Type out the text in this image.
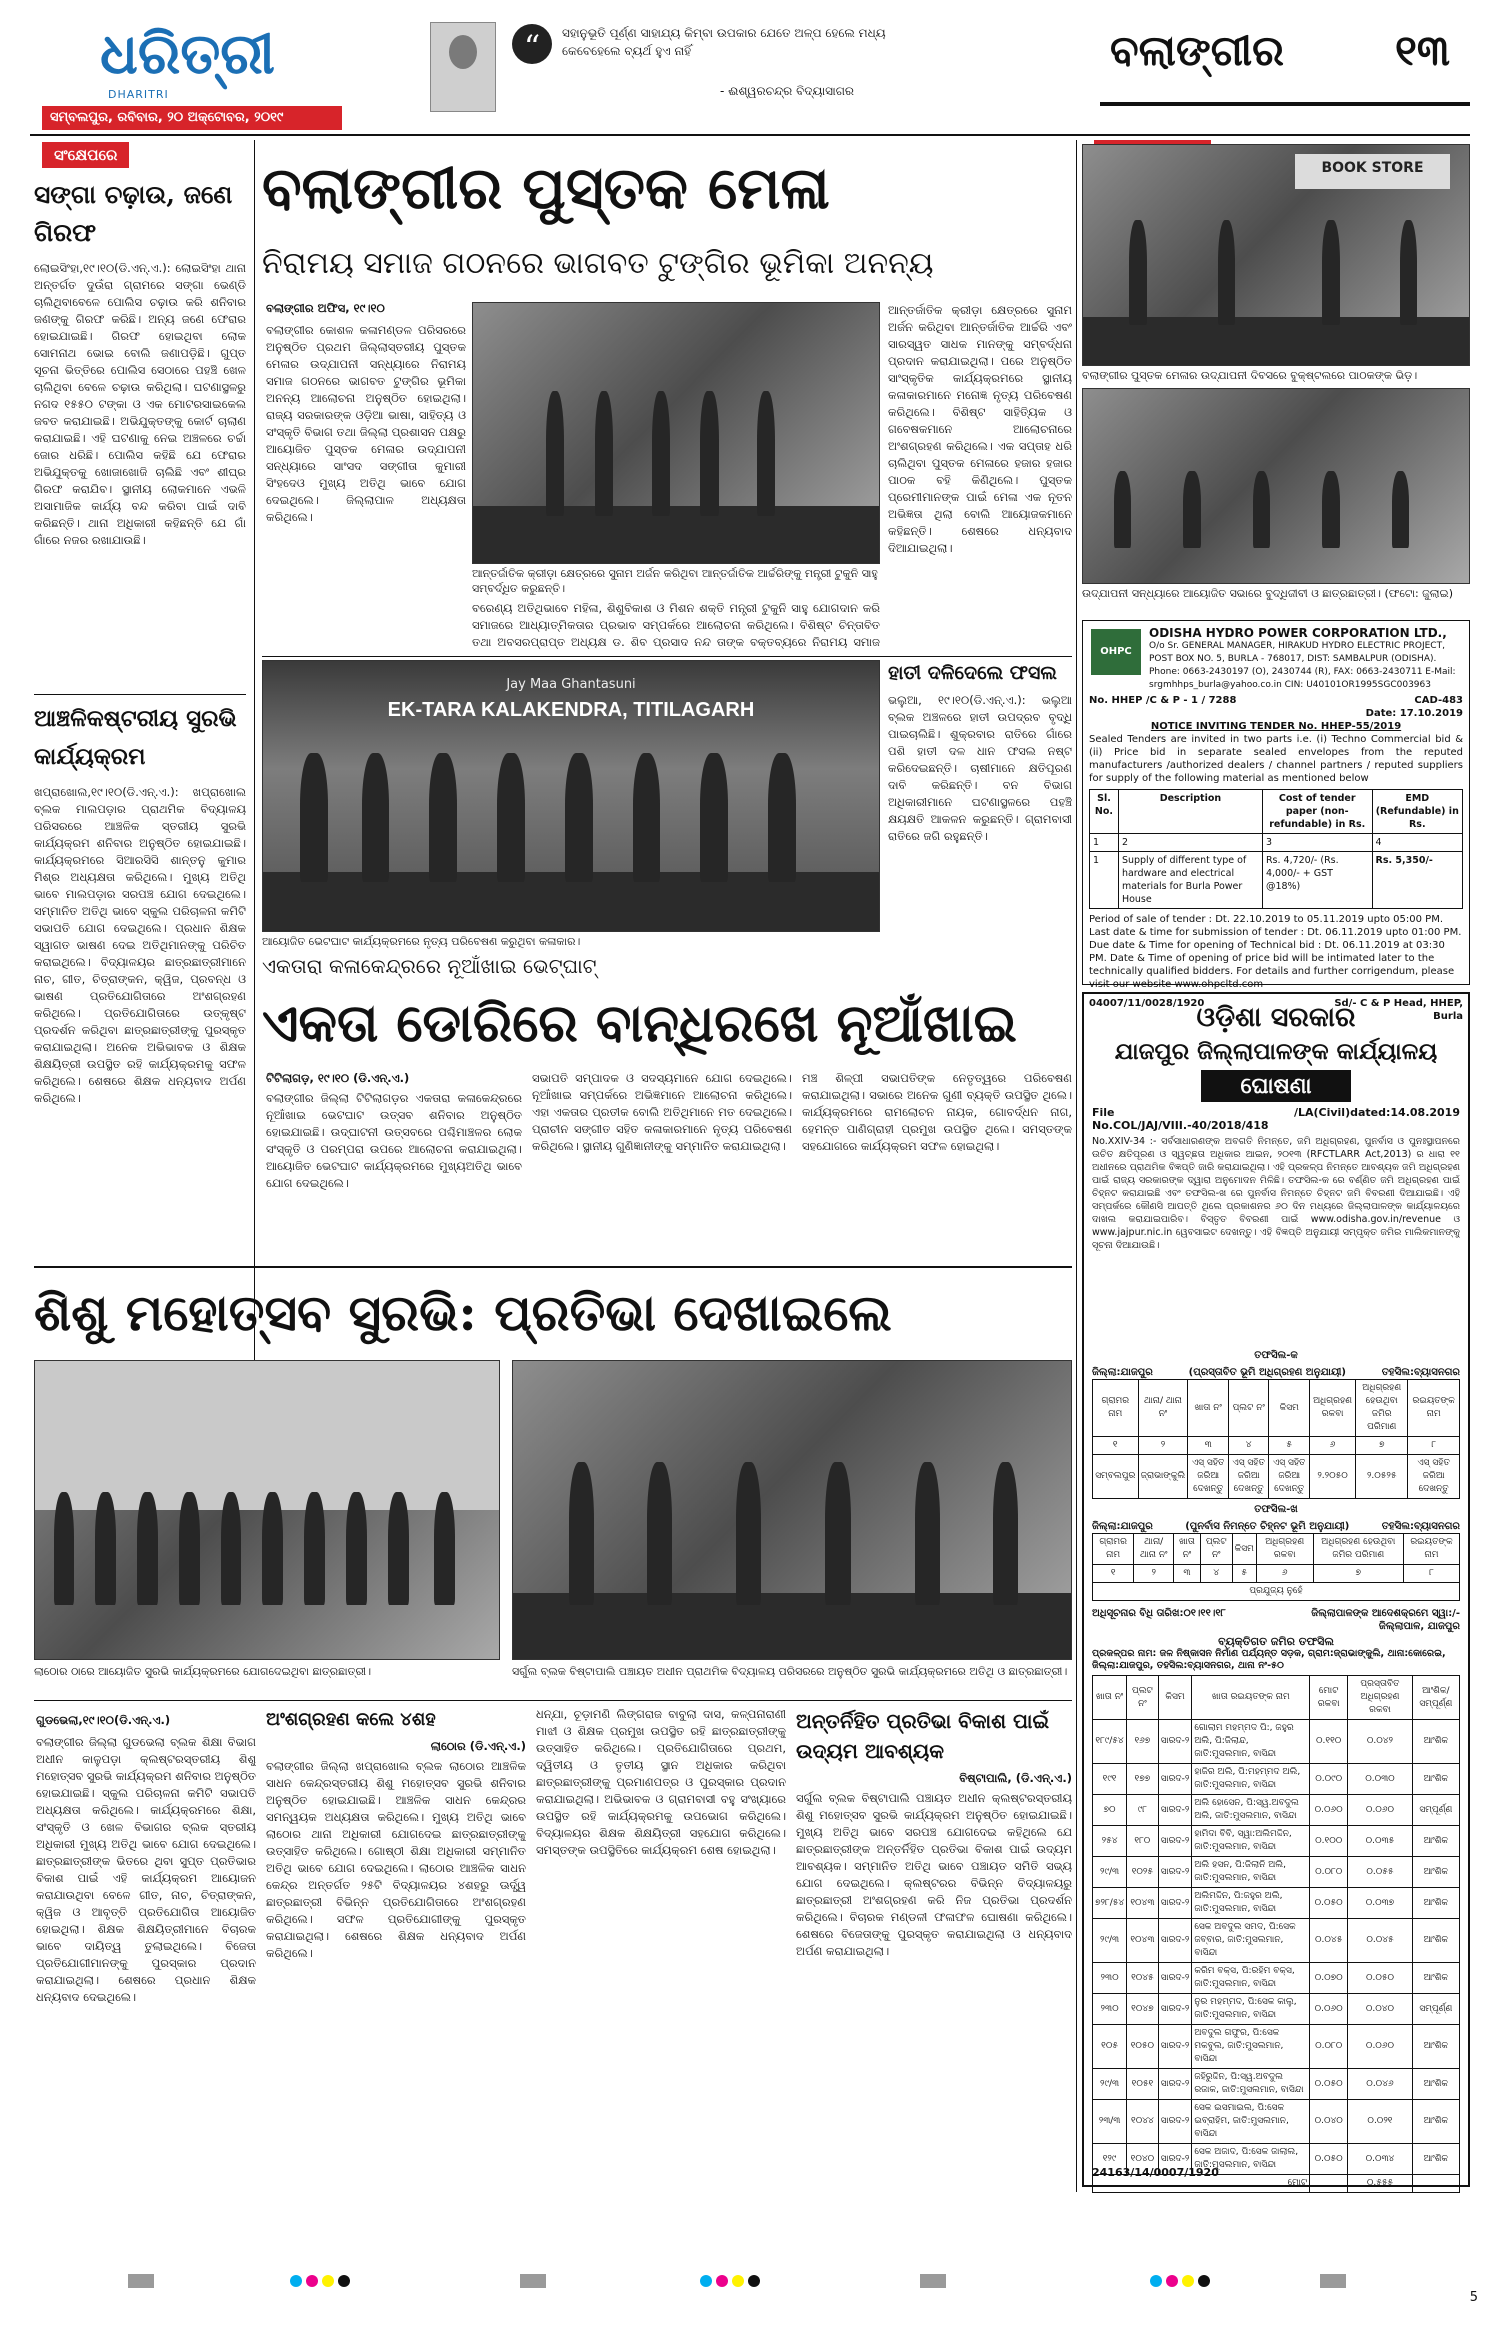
ଧରିତ୍ରୀ
DHARITRI
ସମ୍ବଲପୁର, ରବିବାର, ୨୦ ଅକ୍ଟୋବର, ୨୦୧୯
“	ସହାନୁଭୂତି ପୂର୍ଣ୍ଣ ସାହାଯ୍ୟ କିମ୍ବା ଉପକାର ଯେତେ ଅଳ୍ପ ହେଲେ ମଧ୍ୟ କେବେହେଲେ ବ୍ୟର୍ଥ ହୁଏ ନାହିଁ
- ଈଶ୍ୱରଚନ୍ଦ୍ର ବିଦ୍ୟାସାଗର
ବଲାଙ୍ଗୀର	୧୩
ସଂକ୍ଷେପରେ
ସଙ୍ଗା ଚଢ଼ାଉ, ଜଣେ ଗିରଫ
ଲୋଇସିଂହା,୧୯।୧୦(ଡି.ଏନ୍.ଏ.): ଲୋଇସିଂହା ଥାନା ଅନ୍ତର୍ଗତ ଦୁଉଁରା ଗ୍ରାମରେ ସଙ୍ଗା ଭେଣ୍ଡି ଚାଲିଥିବାବେଳେ ପୋଲିସ ଚଢ଼ାଉ କରି ଶନିବାର ଜଣଙ୍କୁ ଗିରଫ କରିଛି। ଅନ୍ୟ ଜଣେ ଫେରାର ହୋଇଯାଇଛି। ଗିରଫ ହୋଇଥିବା ଲୋକ ସୋମନାଥ ଭୋଇ ବୋଲି ଜଣାପଡ଼ିଛି। ଗୁପ୍ତ ସୂଚନା ଭିତ୍ତିରେ ପୋଲିସ ସେଠାରେ ପହଞ୍ଚି ଖେଳ ଚାଲିଥିବା ବେଳେ ଚଢ଼ାଉ କରିଥିଲା। ଘଟଣାସ୍ଥଳରୁ ନଗଦ ୧୫୫୦ ଟଙ୍କା ଓ ଏକ ମୋଟରସାଇକେଲ ଜବତ କରାଯାଇଛି। ଅଭିଯୁକ୍ତଙ୍କୁ କୋର୍ଟ ଚାଲାଣ କରାଯାଇଛି। ଏହି ଘଟଣାକୁ ନେଇ ଅଞ୍ଚଳରେ ଚର୍ଚ୍ଚା ଜୋର ଧରିଛି। ପୋଲିସ କହିଛି ଯେ ଫେରାର ଅଭିଯୁକ୍ତକୁ ଖୋଜାଖୋଜି ଚାଲିଛି ଏବଂ ଶୀଘ୍ର ଗିରଫ କରାଯିବ। ସ୍ଥାନୀୟ ଲୋକମାନେ ଏଭଳି ଅସାମାଜିକ କାର୍ଯ୍ୟ ବନ୍ଦ କରିବା ପାଇଁ ଦାବି କରିଛନ୍ତି। ଥାନା ଅଧିକାରୀ କହିଛନ୍ତି ଯେ ଗାଁ ଗାଁରେ ନଜର ରଖାଯାଉଛି।
ଆଞ୍ଚଳିକଷ୍ଟରୀୟ ସୁରଭି କାର୍ଯ୍ୟକ୍ରମ
ଖପ୍ରାଖୋଲ,୧୯।୧୦(ଡି.ଏନ୍.ଏ.): ଖପ୍ରାଖୋଲ ବ୍ଲକ ମାଲପଡ଼ାର ପ୍ରାଥମିକ ବିଦ୍ୟାଳୟ ପରିସରରେ ଆଞ୍ଚଳିକ ସ୍ତରୀୟ ସୁରଭି କାର୍ଯ୍ୟକ୍ରମ ଶନିବାର ଅନୁଷ୍ଠିତ ହୋଇଯାଇଛି। କାର୍ଯ୍ୟକ୍ରମରେ ସିଆରସିସି ଶାନ୍ତନୁ କୁମାର ମିଶ୍ର ଅଧ୍ୟକ୍ଷତା କରିଥିଲେ। ମୁଖ୍ୟ ଅତିଥି ଭାବେ ମାଲପଡ଼ାର ସରପଞ୍ଚ ଯୋଗ ଦେଇଥିଲେ। ସମ୍ମାନିତ ଅତିଥି ଭାବେ ସ୍କୁଲ ପରିଚାଳନା କମିଟି ସଭାପତି ଯୋଗ ଦେଇଥିଲେ। ପ୍ରଧାନ ଶିକ୍ଷକ ସ୍ୱାଗତ ଭାଷଣ ଦେଇ ଅତିଥିମାନଙ୍କୁ ପରିଚିତ କରାଇଥିଲେ। ବିଦ୍ୟାଳୟର ଛାତ୍ରଛାତ୍ରୀମାନେ ନାଚ, ଗୀତ, ଚିତ୍ରାଙ୍କନ, କ୍ୱିଜ, ପ୍ରବନ୍ଧ ଓ ଭାଷଣ ପ୍ରତିଯୋଗିତାରେ ଅଂଶଗ୍ରହଣ କରିଥିଲେ। ପ୍ରତିଯୋଗିତାରେ ଉତ୍କୃଷ୍ଟ ପ୍ରଦର୍ଶନ କରିଥିବା ଛାତ୍ରଛାତ୍ରୀଙ୍କୁ ପୁରସ୍କୃତ କରାଯାଇଥିଲା। ଅନେକ ଅଭିଭାବକ ଓ ଶିକ୍ଷକ ଶିକ୍ଷୟିତ୍ରୀ ଉପସ୍ଥିତ ରହି କାର୍ଯ୍ୟକ୍ରମକୁ ସଫଳ କରିଥିଲେ। ଶେଷରେ ଶିକ୍ଷକ ଧନ୍ୟବାଦ ଅର୍ପଣ କରିଥିଲେ।
ବଲାଙ୍ଗୀର ପୁସ୍ତକ ମେଳା
ନିରାମୟ ସମାଜ ଗଠନରେ ଭାଗବତ ଟୁଙ୍ଗିର ଭୂମିକା ଅନନ୍ୟ
ବଲାଙ୍ଗୀର ଅଫିସ, ୧୯।୧୦
ବଲାଙ୍ଗୀର କୋଶଳ କଳାମଣ୍ଡଳ ପରିସରରେ ଅନୁଷ୍ଠିତ ପ୍ରଥମ ଜିଲ୍ଲାସ୍ତରୀୟ ପୁସ୍ତକ ମେଳାର ଉଦ୍‌ଯାପନୀ ସନ୍ଧ୍ୟାରେ ନିରାମୟ ସମାଜ ଗଠନରେ ଭାଗବତ ଟୁଙ୍ଗିର ଭୂମିକା ଅନନ୍ୟ ଆଲୋଚନା ଅନୁଷ୍ଠିତ ହୋଇଥିଲା। ରାଜ୍ୟ ସରକାରଙ୍କ ଓଡ଼ିଆ ଭାଷା, ସାହିତ୍ୟ ଓ ସଂସ୍କୃତି ବିଭାଗ ତଥା ଜିଲ୍ଲା ପ୍ରଶାସନ ପକ୍ଷରୁ ଆୟୋଜିତ ପୁସ୍ତକ ମେଳାର ଉଦ୍‌ଯାପନୀ ସନ୍ଧ୍ୟାରେ ସାଂସଦ ସଙ୍ଗୀତା କୁମାରୀ ସିଂହଦେଓ ମୁଖ୍ୟ ଅତିଥି ଭାବେ ଯୋଗ ଦେଇଥିଲେ। ଜିଲ୍ଲାପାଳ ଅଧ୍ୟକ୍ଷତା କରିଥିଲେ।
ଆନ୍ତର୍ଜାତିକ କ୍ରୀଡ଼ା କ୍ଷେତ୍ରରେ ସୁନାମ ଅର୍ଜନ କରିଥିବା ଆନ୍ତର୍ଜାତିକ ଆର୍ଚ୍ଚରିଙ୍କୁ ମନ୍ତ୍ରୀ ଟୁକୁନି ସାହୁ ସମ୍ବର୍ଦ୍ଧିତ କରୁଛନ୍ତି।
ବରେଣ୍ୟ ଅତିଥିଭାବେ ମହିଳା, ଶିଶୁବିକାଶ ଓ ମିଶନ ଶକ୍ତି ମନ୍ତ୍ରୀ ଟୁକୁନି ସାହୁ ଯୋଗଦାନ କରି ସମାଜରେ ଆଧ୍ୟାତ୍ମିକତାର ପ୍ରଭାବ ସମ୍ପର୍କରେ ଆଲୋଚନା କରିଥିଲେ। ବିଶିଷ୍ଟ ଚିନ୍ତାବିତ ତଥା ଅବସରପ୍ରାପ୍ତ ଅଧ୍ୟକ୍ଷ ଡ. ଶିବ ପ୍ରସାଦ ନନ୍ଦ ତାଙ୍କ ବକ୍ତବ୍ୟରେ ନିରାମୟ ସମାଜ
ଆନ୍ତର୍ଜାତିକ କ୍ରୀଡ଼ା କ୍ଷେତ୍ରରେ ସୁନାମ ଅର୍ଜନ କରିଥିବା ଆନ୍ତର୍ଜାତିକ ଆର୍ଚ୍ଚରି ଏବଂ ସାରସ୍ୱତ ସାଧକ ମାନଙ୍କୁ ସମ୍ବର୍ଦ୍ଧନା ପ୍ରଦାନ କରାଯାଇଥିଲା। ପରେ ଅନୁଷ୍ଠିତ ସାଂସ୍କୃତିକ କାର୍ଯ୍ୟକ୍ରମରେ ସ୍ଥାନୀୟ କଳାକାରମାନେ ମନୋଜ୍ଞ ନୃତ୍ୟ ପରିବେଷଣ କରିଥିଲେ। ବିଶିଷ୍ଟ ସାହିତ୍ୟିକ ଓ ଗବେଷକମାନେ ଆଲୋଚନାରେ ଅଂଶଗ୍ରହଣ କରିଥିଲେ। ଏକ ସପ୍ତାହ ଧରି ଚାଲିଥିବା ପୁସ୍ତକ ମେଳାରେ ହଜାର ହଜାର ପାଠକ ବହି କିଣିଥିଲେ। ପୁସ୍ତକ ପ୍ରେମୀମାନଙ୍କ ପାଇଁ ମେଳା ଏକ ନୂତନ ଅଭିଜ୍ଞତା ଥିଲା ବୋଲି ଆୟୋଜକମାନେ କହିଛନ୍ତି। ଶେଷରେ ଧନ୍ୟବାଦ ଦିଆଯାଇଥିଲା।
BOOK STORE
ବଲାଙ୍ଗୀର ପୁସ୍ତକ ମେଳାର ଉଦ୍‌ଯାପନୀ ଦିବସରେ ବୁକ୍‌ଷ୍ଟଲରେ ପାଠକଙ୍କ ଭିଡ଼।
ଉଦ୍‌ଯାପନୀ ସନ୍ଧ୍ୟାରେ ଆୟୋଜିତ ସଭାରେ ବୁଦ୍ଧିଜୀବୀ ଓ ଛାତ୍ରଛାତ୍ରୀ। (ଫଟୋ: ଜୁଲାଇ)
OHPC
ODISHA HYDRO POWER CORPORATION LTD.,
O/o Sr. GENERAL MANAGER, HIRAKUD HYDRO ELECTRIC PROJECT, POST BOX NO. 5, BURLA - 768017, DIST: SAMBALPUR (ODISHA). Phone: 0663-2430197 (O), 2430744 (R), FAX: 0663-2430711 E-Mail: srgmhhps_burla@yahoo.co.in CIN: U40101OR1995SGC003963
No. HHEP /C & P - 1 / 7288	CAD-483
Date: 17.10.2019
NOTICE INVITING TENDER No. HHEP-55/2019
Sealed Tenders are invited in two parts i.e. (i) Techno Commercial bid & (ii) Price bid in separate sealed envelopes from the reputed manufacturers /authorized dealers / channel partners / reputed suppliers for supply of the following material as mentioned below
Sl. No.	Description	Cost of tender paper (non-refundable) in Rs.	EMD (Refundable) in Rs.
1	2	3	4
1	Supply of different type of hardware and electrical materials for Burla Power House	Rs. 4,720/- (Rs. 4,000/- + GST @18%)	Rs. 5,350/-
Period of sale of tender : Dt. 22.10.2019 to 05.11.2019 upto 05:00 PM. Last date & time for submission of tender : Dt. 06.11.2019 upto 01:00 PM. Due date & Time for opening of Technical bid : Dt. 06.11.2019 at 03:30 PM. Date & Time of opening of price bid will be intimated later to the technically qualified bidders. For details and further corrigendum, please visit our website www.ohpcltd.com
04007/11/0028/1920	Sd/- C & P Head, HHEP, Burla
ହାତୀ ଦଳିଦେଲେ ଫସଲ
ଭଲୁଆ, ୧୯।୧୦(ଡି.ଏନ୍.ଏ.): ଭଲୁଆ ବ୍ଲକ ଅଞ୍ଚଳରେ ହାତୀ ଉପଦ୍ରବ ବୃଦ୍ଧି ପାଇଚାଲିଛି। ଶୁକ୍ରବାର ରାତିରେ ଗାଁରେ ପଶି ହାତୀ ଦଳ ଧାନ ଫସଲ ନଷ୍ଟ କରିଦେଇଛନ୍ତି। ଚାଷୀମାନେ କ୍ଷତିପୂରଣ ଦାବି କରିଛନ୍ତି। ବନ ବିଭାଗ ଅଧିକାରୀମାନେ ଘଟଣାସ୍ଥଳରେ ପହଞ୍ଚି କ୍ଷୟକ୍ଷତି ଆକଳନ କରୁଛନ୍ତି। ଗ୍ରାମବାସୀ ରାତିରେ ଜଗି ରହୁଛନ୍ତି।
Jay Maa Ghantasuni
EK-TARA KALAKENDRA, TITILAGARH
ଆୟୋଜିତ ଭେଟଘାଟ କାର୍ଯ୍ୟକ୍ରମରେ ନୃତ୍ୟ ପରିବେଷଣ କରୁଥିବା କଳାକାର।
ଏକତାରା କଳାକେନ୍ଦ୍ରରେ ନୂଆଁଖାଇ ଭେଟ୍‌ଘାଟ୍
ଏକତା ଡୋରିରେ ବାନ୍ଧିରଖେ ନୂଆଁଖାଇ
ଟିଟିଲାଗଡ଼, ୧୯।୧୦ (ଡି.ଏନ୍.ଏ.)
ବଲାଙ୍ଗୀର ଜିଲ୍ଲା ଟିଟିଲାଗଡ଼ର ଏକତାରା କଳାକେନ୍ଦ୍ରରେ ନୂଆଁଖାଇ ଭେଟଘାଟ ଉତ୍ସବ ଶନିବାର ଅନୁଷ୍ଠିତ ହୋଇଯାଇଛି। ଉଦ୍‌ଘାଟନୀ ଉତ୍ସବରେ ପଶ୍ଚିମାଞ୍ଚଳର ଲୋକ ସଂସ୍କୃତି ଓ ପରମ୍ପରା ଉପରେ ଆଲୋଚନା କରାଯାଇଥିଲା। ଆୟୋଜିତ ଭେଟଘାଟ କାର୍ଯ୍ୟକ୍ରମରେ ମୁଖ୍ୟଅତିଥି ଭାବେ ଯୋଗ ଦେଇଥିଲେ।
ସଭାପତି ସମ୍ପାଦକ ଓ ସଦସ୍ୟମାନେ ଯୋଗ ଦେଇଥିଲେ। ନୂଆଁଖାଇ ସମ୍ପର୍କରେ ଅଭିଜ୍ଞମାନେ ଆଲୋଚନା କରିଥିଲେ। ଏହା ଏକତାର ପ୍ରତୀକ ବୋଲି ଅତିଥିମାନେ ମତ ଦେଇଥିଲେ। ପ୍ରାଚୀନ ସଙ୍ଗୀତ ସହିତ କଳାକାରମାନେ ନୃତ୍ୟ ପରିବେଷଣ କରିଥିଲେ। ସ୍ଥାନୀୟ ଗୁଣିଜ୍ଞାନୀଙ୍କୁ ସମ୍ମାନିତ କରାଯାଇଥିଲା।
ମଞ୍ଚ ଶିଳ୍ପୀ ସଭାପତିଙ୍କ ନେତୃତ୍ୱରେ ପରିବେଷଣ କରାଯାଇଥିଲା। ସଭାରେ ଅନେକ ଗୁଣୀ ବ୍ୟକ୍ତି ଉପସ୍ଥିତ ଥିଲେ। କାର୍ଯ୍ୟକ୍ରମରେ ରାମଲୋଚନ ନାୟକ, ଗୋବର୍ଦ୍ଧନ ନାଗ, ହେମନ୍ତ ପାଣିଗ୍ରାହୀ ପ୍ରମୁଖ ଉପସ୍ଥିତ ଥିଲେ। ସମସ୍ତଙ୍କ ସହଯୋଗରେ କାର୍ଯ୍ୟକ୍ରମ ସଫଳ ହୋଇଥିଲା।
ଶିଶୁ ମହୋତ୍ସବ ସୁରଭି: ପ୍ରତିଭା ଦେଖାଇଲେ
ଲାଠୋର ଠାରେ ଆୟୋଜିତ ସୁରଭି କାର୍ଯ୍ୟକ୍ରମରେ ଯୋଗଦେଇଥିବା ଛାତ୍ରଛାତ୍ରୀ।	ସର୍ଗୁଲ ବ୍ଲକ ବିଷ୍ଟାପାଲି ପଞ୍ଚାୟତ ଅଧୀନ ପ୍ରାଥମିକ ବିଦ୍ୟାଳୟ ପରିସରରେ ଅନୁଷ୍ଠିତ ସୁରଭି କାର୍ଯ୍ୟକ୍ରମରେ ଅତିଥି ଓ ଛାତ୍ରଛାତ୍ରୀ।
ଗୁଡଭେଲା,୧୯।୧୦(ଡି.ଏନ୍.ଏ.)
ବଲାଙ୍ଗୀର ଜିଲ୍ଲା ଗୁଡଭେଲା ବ୍ଲକ ଶିକ୍ଷା ବିଭାଗ ଅଧୀନ କାଳୁପଡ଼ା କ୍ଲଷ୍ଟରସ୍ତରୀୟ ଶିଶୁ ମହୋତ୍ସବ ସୁରଭି କାର୍ଯ୍ୟକ୍ରମ ଶନିବାର ଅନୁଷ୍ଠିତ ହୋଇଯାଇଛି। ସ୍କୁଲ ପରିଚାଳନା କମିଟି ସଭାପତି ଅଧ୍ୟକ୍ଷତା କରିଥିଲେ। କାର୍ଯ୍ୟକ୍ରମରେ ଶିକ୍ଷା, ସଂସ୍କୃତି ଓ ଖେଳ ବିଭାଗର ବ୍ଲକ ସ୍ତରୀୟ ଅଧିକାରୀ ମୁଖ୍ୟ ଅତିଥି ଭାବେ ଯୋଗ ଦେଇଥିଲେ। ଛାତ୍ରଛାତ୍ରୀଙ୍କ ଭିତରେ ଥିବା ସୁପ୍ତ ପ୍ରତିଭାର ବିକାଶ ପାଇଁ ଏହି କାର୍ଯ୍ୟକ୍ରମ ଆୟୋଜନ କରାଯାଉଥିବା ବେଳେ ଗୀତ, ନାଚ, ଚିତ୍ରାଙ୍କନ, କ୍ୱିଜ ଓ ଆବୃତ୍ତି ପ୍ରତିଯୋଗିତା ଆୟୋଜିତ ହୋଇଥିଲା। ଶିକ୍ଷକ ଶିକ୍ଷୟିତ୍ରୀମାନେ ବିଚାରକ ଭାବେ ଦାୟିତ୍ୱ ତୁଲାଇଥିଲେ। ବିଜେତା ପ୍ରତିଯୋଗୀମାନଙ୍କୁ ପୁରସ୍କାର ପ୍ରଦାନ କରାଯାଇଥିଲା। ଶେଷରେ ପ୍ରଧାନ ଶିକ୍ଷକ ଧନ୍ୟବାଦ ଦେଇଥିଲେ।
ଅଂଶଗ୍ରହଣ କଲେ ୪ଶହ
ଲାଠୋର (ଡି.ଏନ୍.ଏ.)
ବଲାଙ୍ଗୀର ଜିଲ୍ଲା ଖପ୍ରାଖୋଲ ବ୍ଲକ ଲାଠୋର ଆଞ୍ଚଳିକ ସାଧନ କେନ୍ଦ୍ରସ୍ତରୀୟ ଶିଶୁ ମହୋତ୍ସବ ସୁରଭି ଶନିବାର ଅନୁଷ୍ଠିତ ହୋଇଯାଇଛି। ଆଞ୍ଚଳିକ ସାଧନ କେନ୍ଦ୍ରର ସମନ୍ୱୟକ ଅଧ୍ୟକ୍ଷତା କରିଥିଲେ। ମୁଖ୍ୟ ଅତିଥି ଭାବେ ଲାଠୋର ଥାନା ଅଧିକାରୀ ଯୋଗଦେଇ ଛାତ୍ରଛାତ୍ରୀଙ୍କୁ ଉତ୍ସାହିତ କରିଥିଲେ। ଗୋଷ୍ଠୀ ଶିକ୍ଷା ଅଧିକାରୀ ସମ୍ମାନିତ ଅତିଥି ଭାବେ ଯୋଗ ଦେଇଥିଲେ। ଲାଠୋର ଆଞ୍ଚଳିକ ସାଧନ କେନ୍ଦ୍ର ଅନ୍ତର୍ଗତ ୨୫ଟି ବିଦ୍ୟାଳୟର ୪ଶହରୁ ଊର୍ଦ୍ଧ୍ୱ ଛାତ୍ରଛାତ୍ରୀ ବିଭିନ୍ନ ପ୍ରତିଯୋଗିତାରେ ଅଂଶଗ୍ରହଣ କରିଥିଲେ। ସଫଳ ପ୍ରତିଯୋଗୀଙ୍କୁ ପୁରସ୍କୃତ କରାଯାଇଥିଲା। ଶେଷରେ ଶିକ୍ଷକ ଧନ୍ୟବାଦ ଅର୍ପଣ କରିଥିଲେ।
ଧନ୍ଯା, ଚୂଡ଼ାମଣି ଲିଙ୍ଗରାଜ ବାବୁଲା ଦାସ, କଳ୍ପନାରାଣୀ ମାଝୀ ଓ ଶିକ୍ଷକ ପ୍ରମୁଖ ଉପସ୍ଥିତ ରହି ଛାତ୍ରଛାତ୍ରୀଙ୍କୁ ଉତ୍ସାହିତ କରିଥିଲେ। ପ୍ରତିଯୋଗିତାରେ ପ୍ରଥମ, ଦ୍ୱିତୀୟ ଓ ତୃତୀୟ ସ୍ଥାନ ଅଧିକାର କରିଥିବା ଛାତ୍ରଛାତ୍ରୀଙ୍କୁ ପ୍ରମାଣପତ୍ର ଓ ପୁରସ୍କାର ପ୍ରଦାନ କରାଯାଇଥିଲା। ଅଭିଭାବକ ଓ ଗ୍ରାମବାସୀ ବହୁ ସଂଖ୍ୟାରେ ଉପସ୍ଥିତ ରହି କାର୍ଯ୍ୟକ୍ରମକୁ ଉପଭୋଗ କରିଥିଲେ। ବିଦ୍ୟାଳୟର ଶିକ୍ଷକ ଶିକ୍ଷୟିତ୍ରୀ ସହଯୋଗ କରିଥିଲେ। ସମସ୍ତଙ୍କ ଉପସ୍ଥିତିରେ କାର୍ଯ୍ୟକ୍ରମ ଶେଷ ହୋଇଥିଲା।
ଅନ୍ତର୍ନିହିତ ପ୍ରତିଭା ବିକାଶ ପାଇଁ ଉଦ୍ୟମ ଆବଶ୍ୟକ
ବିଷ୍ଟାପାଲି, (ଡି.ଏନ୍.ଏ.)
ସର୍ଗୁଲ ବ୍ଲକ ବିଷ୍ଟାପାଲି ପଞ୍ଚାୟତ ଅଧୀନ କ୍ଲଷ୍ଟରସ୍ତରୀୟ ଶିଶୁ ମହୋତ୍ସବ ସୁରଭି କାର୍ଯ୍ୟକ୍ରମ ଅନୁଷ୍ଠିତ ହୋଇଯାଇଛି। ମୁଖ୍ୟ ଅତିଥି ଭାବେ ସରପଞ୍ଚ ଯୋଗଦେଇ କହିଥିଲେ ଯେ ଛାତ୍ରଛାତ୍ରୀଙ୍କ ଅନ୍ତର୍ନିହିତ ପ୍ରତିଭା ବିକାଶ ପାଇଁ ଉଦ୍ୟମ ଆବଶ୍ୟକ। ସମ୍ମାନିତ ଅତିଥି ଭାବେ ପଞ୍ଚାୟତ ସମିତି ସଭ୍ୟ ଯୋଗ ଦେଇଥିଲେ। କ୍ଲଷ୍ଟରର ବିଭିନ୍ନ ବିଦ୍ୟାଳୟରୁ ଛାତ୍ରଛାତ୍ରୀ ଅଂଶଗ୍ରହଣ କରି ନିଜ ପ୍ରତିଭା ପ୍ରଦର୍ଶନ କରିଥିଲେ। ବିଚାରକ ମଣ୍ଡଳୀ ଫଳାଫଳ ଘୋଷଣା କରିଥିଲେ। ଶେଷରେ ବିଜେତାଙ୍କୁ ପୁରସ୍କୃତ କରାଯାଇଥିଲା ଓ ଧନ୍ୟବାଦ ଅର୍ପଣ କରାଯାଇଥିଲା।
ଓଡ଼ିଶା ସରକାର
ଯାଜପୁର ଜିଲ୍ଲାପାଳଙ୍କ କାର୍ଯ୍ୟାଳୟ
ଘୋଷଣା
File No.COL/JAJ/VIII.-40/2018/418
/LA(Civil) dated:14.08.2019
No.XXIV-34 :- ସର୍ବସାଧାରଣଙ୍କ ଅବଗତି ନିମନ୍ତେ, ଜମି ଅଧିଗ୍ରହଣ, ପୁନର୍ବାସ ଓ ପୁନଃସ୍ଥାପନରେ ଉଚିତ କ୍ଷତିପୂରଣ ଓ ସ୍ୱଚ୍ଛତା ଅଧିକାର ଆଇନ, ୨୦୧୩ (RFCTLARR Act,2013) ର ଧାରା ୧୧ ଅଧୀନରେ ପ୍ରାଥମିକ ବିଜ୍ଞପ୍ତି ଜାରି କରାଯାଇଥିଲା। ଏହି ପ୍ରକଳ୍ପ ନିମନ୍ତେ ଆବଶ୍ୟକ ଜମି ଅଧିଗ୍ରହଣ ପାଇଁ ରାଜ୍ୟ ସରକାରଙ୍କ ଦ୍ୱାରା ଅନୁମୋଦନ ମିଳିଛି। ତଫସିଲ-କ ରେ ବର୍ଣ୍ଣିତ ଜମି ଅଧିଗ୍ରହଣ ପାଇଁ ଚିହ୍ନଟ କରାଯାଇଛି ଏବଂ ତଫସିଲ-ଖ ରେ ପୁନର୍ବାସ ନିମନ୍ତେ ଚିହ୍ନଟ ଜମି ବିବରଣୀ ଦିଆଯାଇଛି। ଏହି ସମ୍ପର୍କରେ କୌଣସି ଆପତ୍ତି ଥିଲେ ପ୍ରକାଶନର ୬୦ ଦିନ ମଧ୍ୟରେ ଜିଲ୍ଲାପାଳଙ୍କ କାର୍ଯ୍ୟାଳୟରେ ଦାଖଲ କରାଯାଇପାରିବ। ବିସ୍ତୃତ ବିବରଣୀ ପାଇଁ www.odisha.gov.in/revenue ଓ www.jajpur.nic.in ୱେବସାଇଟ ଦେଖନ୍ତୁ। ଏହି ବିଜ୍ଞପ୍ତି ଅନୁଯାୟୀ ସମ୍ପୃକ୍ତ ଜମିର ମାଲିକମାନଙ୍କୁ ସୂଚନା ଦିଆଯାଉଛି।
ତଫସିଲ-କ
ଜିଲ୍ଲା:ଯାଜପୁର	(ପ୍ରସ୍ତାବିତ ଭୂମି ଅଧିଗ୍ରହଣ ଅନୁଯାୟୀ)	ତହସିଲ:ବ୍ୟାସନଗର
ଗ୍ରାମର ନାମ	ଥାନା/ ଥାନା ନଂ	ଖାତା ନଂ	ପ୍ଲଟ ନଂ	କିସମ	ଅଧିଗ୍ରହଣ ରକବା	ଅଧିଗ୍ରହଣ ହେଉଥିବା ଜମିର ପରିମାଣ	ରଇୟତଙ୍କ ନାମ
୧	୨	୩	୪	୫	୬	୭	୮
ସମ୍ବଲପୁର	ଜ୍ରାଭାଙ୍କୁଲି	ଏସ୍ ସହିତ ଜରିଆ ଦେଖନ୍ତୁ	ଏସ୍ ସହିତ ଜରିଆ ଦେଖନ୍ତୁ	ଏସ୍ ସହିତ ଜରିଆ ଦେଖନ୍ତୁ	୨.୨୦୫୦	୨.୦୫୨୫	ଏସ୍ ସହିତ ଜରିଆ ଦେଖନ୍ତୁ
ତଫସିଲ-ଖ
ଜିଲ୍ଲା:ଯାଜପୁର	(ପୁନର୍ବାସ ନିମନ୍ତେ ଚିହ୍ନଟ ଭୂମି ଅନୁଯାୟୀ)	ତହସିଲ:ବ୍ୟାସନଗର
ଗ୍ରାମର ନାମ	ଥାନା/ ଥାନା ନଂ	ଖାତା ନଂ	ପ୍ଲଟ ନଂ	କିସମ	ଅଧିଗ୍ରହଣ ରକବା	ଅଧିଗ୍ରହଣ ହେଉଥିବା ଜମିର ପରିମାଣ	ରଇୟତଙ୍କ ନାମ
୧	୨	୩	୪	୫	୬	୭	୮
ପ୍ରଯୁଜ୍ୟ ନୁହେଁ							
ଅଧିସୂଚନାର ବିଧି ତାରିଖ:୦୧।୧୧।୧୮	ଜିଲ୍ଲାପାଳଙ୍କ ଆଦେଶକ୍ରମେ ସ୍ୱା:/-ଜିଲ୍ଲାପାଳ, ଯାଜପୁର
ବ୍ୟକ୍ତିଗତ ଜମିର ତଫସିଲ
ପ୍ରକଳ୍ପର ନାମ: ଜଳ ନିଷ୍କାସନ ନିର୍ମାଣ ପର୍ଯ୍ୟନ୍ତ ସଡ଼କ, ଗ୍ରାମ:ଜ୍ରାଭାଙ୍କୁଲି, ଥାନା:କୋରେଇ, ଜିଲ୍ଲା:ଯାଜପୁର, ତହସିଲ:ବ୍ୟାସନଗର, ଥାନା ନଂ-୫୦
ଖାତା ନଂ	ପ୍ଲଟ ନଂ	କିସମ	ଖାତା ରଇୟତଙ୍କ ନାମ	ମୋଟ ରକବା	ପ୍ରସ୍ତାବିତ ଅଧିଗ୍ରହଣ ରକବା	ଆଂଶିକ/ ସମ୍ପୂର୍ଣ୍ଣ
୧୮୯/୫୪	୧୬୭	ସାରଦ-୨	ଗୋଲାମ ମହମ୍ମଦ ପି:, ଜହୁର ଅଲି, ପି:ଜିଲାନ୍ଦ, ଜାତି:ମୁସଲମାନ, ବାସିନ୍ଦା	୦.୧୧୦	୦.୦୪୨	ଆଂଶିକ
୧୯୧	୧୭୭	ସାରଦ-୨	ହାଜିର ଅଲି, ପି:ମହମ୍ମଦ ଅଲି, ଜାତି:ମୁସଲମାନ, ବାସିନ୍ଦା	୦.୦୯୦	୦.୦୩୦	ଆଂଶିକ
୭୦	୯୮	ସାରଦ-୨	ଅଲି ହୋସେନ, ପି:ସ୍ୱ.ଅବଦୁଲ ଅଲି, ଜାତି:ମୁସଲମାନ, ବାସିନ୍ଦା	୦.୦୬୦	୦.୦୬୦	ସମ୍ପୂର୍ଣ୍ଣ
୨୫୪	୧୮୦	ସାରଦ-୨	ହାମିଦା ବିବି, ସ୍ୱା:ଅଲିମଦ୍ଦିନ, ଜାତି:ମୁସଲମାନ, ବାସିନ୍ଦା	୦.୧୦୦	୦.୦୩୫	ଆଂଶିକ
୨୯/୩	୧୦୨୫	ସାରଦ-୨	ଅଲି ହସନ, ପି:ଜିଲାନି ଅଲି, ଜାତି:ମୁସଲମାନ, ବାସିନ୍ଦା	୦.୦୮୦	୦.୦୫୫	ଆଂଶିକ
୭୨୮/୫୪	୧୦୪୩	ସାରଦ-୨	ଅଲିମଦ୍ଦିନ, ପି:ଜହୁର ଅଲି, ଜାତି:ମୁସଲମାନ, ବାସିନ୍ଦା	୦.୦୫୦	୦.୦୩୭	ଆଂଶିକ
୨୯/୩	୧୦୪୩	ସାରଦ-୨	ସେକ ଅବଦୁଲ ସମଦ, ପି:ସେକ ଜବ୍ବାର, ଜାତି:ମୁସଲମାନ, ବାସିନ୍ଦା	୦.୦୪୫	୦.୦୪୫	ଆଂଶିକ
୨୩୦	୧୦୪୫	ସାରଦ-୨	କରିମ ବକ୍ସ, ପି:ରହିମ ବକ୍ସ, ଜାତି:ମୁସଲମାନ, ବାସିନ୍ଦା	୦.୦୭୦	୦.୦୫୦	ଆଂଶିକ
୨୩୦	୧୦୪୭	ସାରଦ-୨	ନୁର ମହମ୍ମଦ, ପି:ସେକ କାଲୁ, ଜାତି:ମୁସଲମାନ, ବାସିନ୍ଦା	୦.୦୬୦	୦.୦୪୦	ସମ୍ପୂର୍ଣ୍ଣ
୧୦୫	୧୦୫୦	ସାରଦ-୨	ଅବଦୁଲ ଗଫୁର, ପି:ସେକ ମକବୁଲ, ଜାତି:ମୁସଲମାନ, ବାସିନ୍ଦା	୦.୦୮୦	୦.୦୬୦	ଆଂଶିକ
୨୯/୩	୧୦୫୧	ସାରଦ-୨	ଜହିରୁଦ୍ଦିନ, ପି:ସ୍ୱ.ଅବଦୁଲ ରଜାକ, ଜାତି:ମୁସଲମାନ, ବାସିନ୍ଦା	୦.୦୫୦	୦.୦୪୬	ଆଂଶିକ
୨୩/୩	୧୦୪୪	ସାରଦ-୨	ସେକ ଇସମାଇଲ, ପି:ସେକ ଇବ୍ରାହିମ, ଜାତି:ମୁସଲମାନ, ବାସିନ୍ଦା	୦.୦୪୦	୦.୦୨୧	ଆଂଶିକ
୧୨୯	୧୦୪୦	ସାରଦ-୨	ସେକ ଅଜାଦ, ପି:ସେକ ଜାଲାଲ, ଜାତି:ମୁସଲମାନ, ବାସିନ୍ଦା	୦.୦୫୦	୦.୦୩୪	ଆଂଶିକ
ମୋଟ					୦.୫୫୫	
24163/14/0007/1920
5
